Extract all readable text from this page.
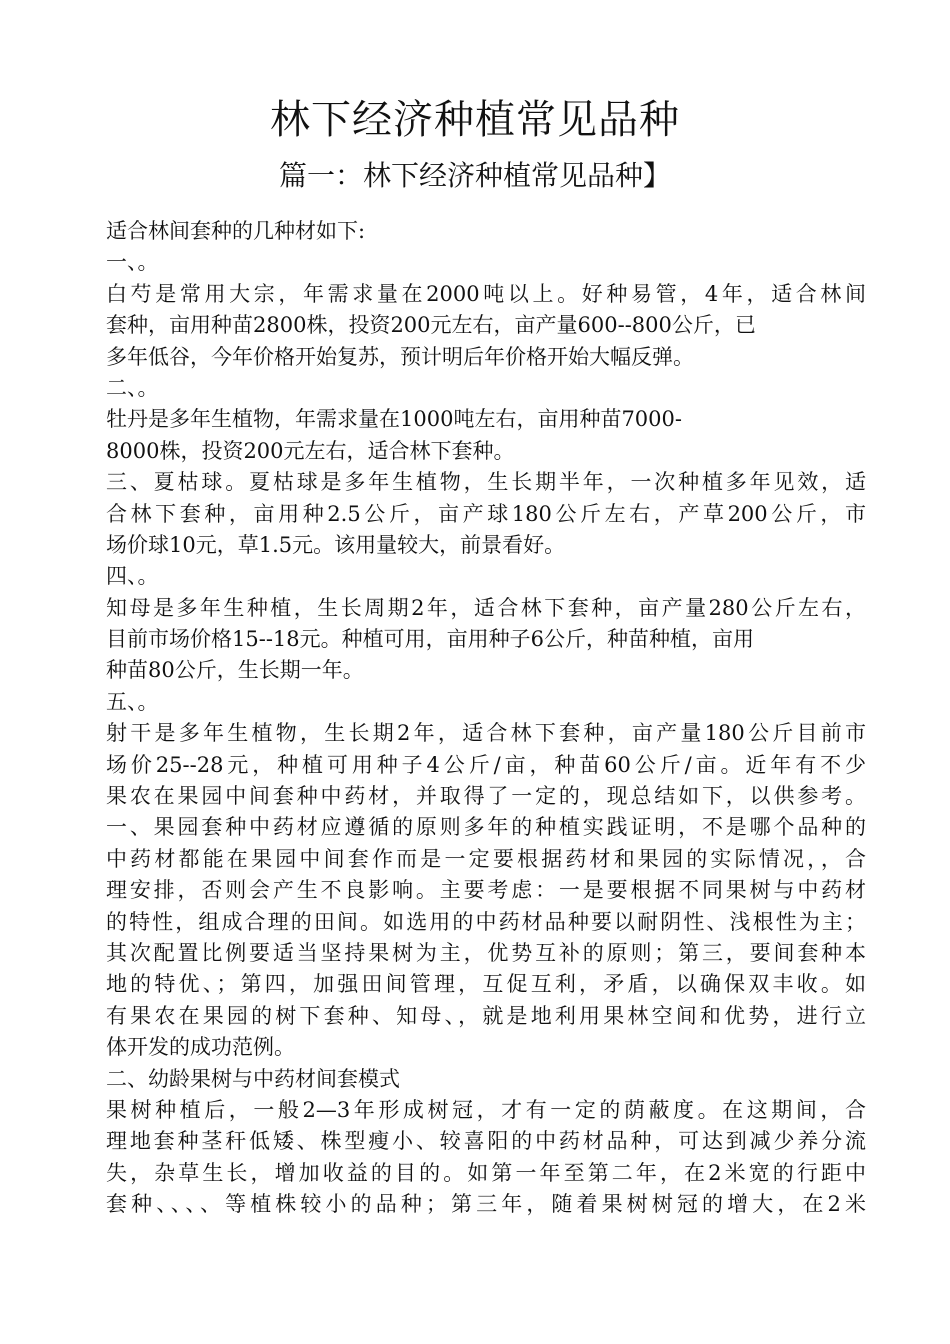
林下经济种植常见品种
篇一：林下经济种植常见品种】
适合林间套种的几种材如下:
一、。
白芍是常用大宗，年需求量在2000吨以上。好种易管，4年，适合林间
套种，亩用种苗2800株，投资200元左右，亩产量600--800公斤，已
多年低谷，今年价格开始复苏，预计明后年价格开始大幅反弹。
二、。
牡丹是多年生植物，年需求量在1000吨左右，亩用种苗7000-
8000株，投资200元左右，适合林下套种。
三、夏枯球。夏枯球是多年生植物，生长期半年，一次种植多年见效，适
合林下套种，亩用种2.5公斤，亩产球180公斤左右，产草200公斤，市
场价球10元，草1.5元。该用量较大，前景看好。
四、。
知母是多年生种植，生长周期2年，适合林下套种，亩产量280公斤左右，
目前市场价格15--18元。种植可用，亩用种子6公斤，种苗种植，亩用
种苗80公斤，生长期一年。
五、。
射干是多年生植物，生长期2年，适合林下套种，亩产量180公斤目前市
场价25--28元，种植可用种子4公斤/亩，种苗60公斤/亩。近年有不少
果农在果园中间套种中药材，并取得了一定的，现总结如下，以供参考。
一、果园套种中药材应遵循的原则多年的种植实践证明，不是哪个品种的
中药材都能在果园中间套作而是一定要根据药材和果园的实际情况，，合
理安排，否则会产生不良影响。主要考虑：一是要根据不同果树与中药材
的特性，组成合理的田间。如选用的中药材品种要以耐阴性、浅根性为主；
其次配置比例要适当坚持果树为主，优势互补的原则；第三，要间套种本
地的特优、；第四，加强田间管理，互促互利，矛盾，以确保双丰收。如
有果农在果园的树下套种、知母、，就是地利用果林空间和优势，进行立
体开发的成功范例。
二、幼龄果树与中药材间套模式
果树种植后，一般2—3年形成树冠，才有一定的荫蔽度。在这期间，合
理地套种茎秆低矮、株型瘦小、较喜阳的中药材品种，可达到减少养分流
失，杂草生长，增加收益的目的。如第一年至第二年，在2米宽的行距中
套种、、、、等植株较小的品种；第三年，随着果树树冠的增大，在2米
